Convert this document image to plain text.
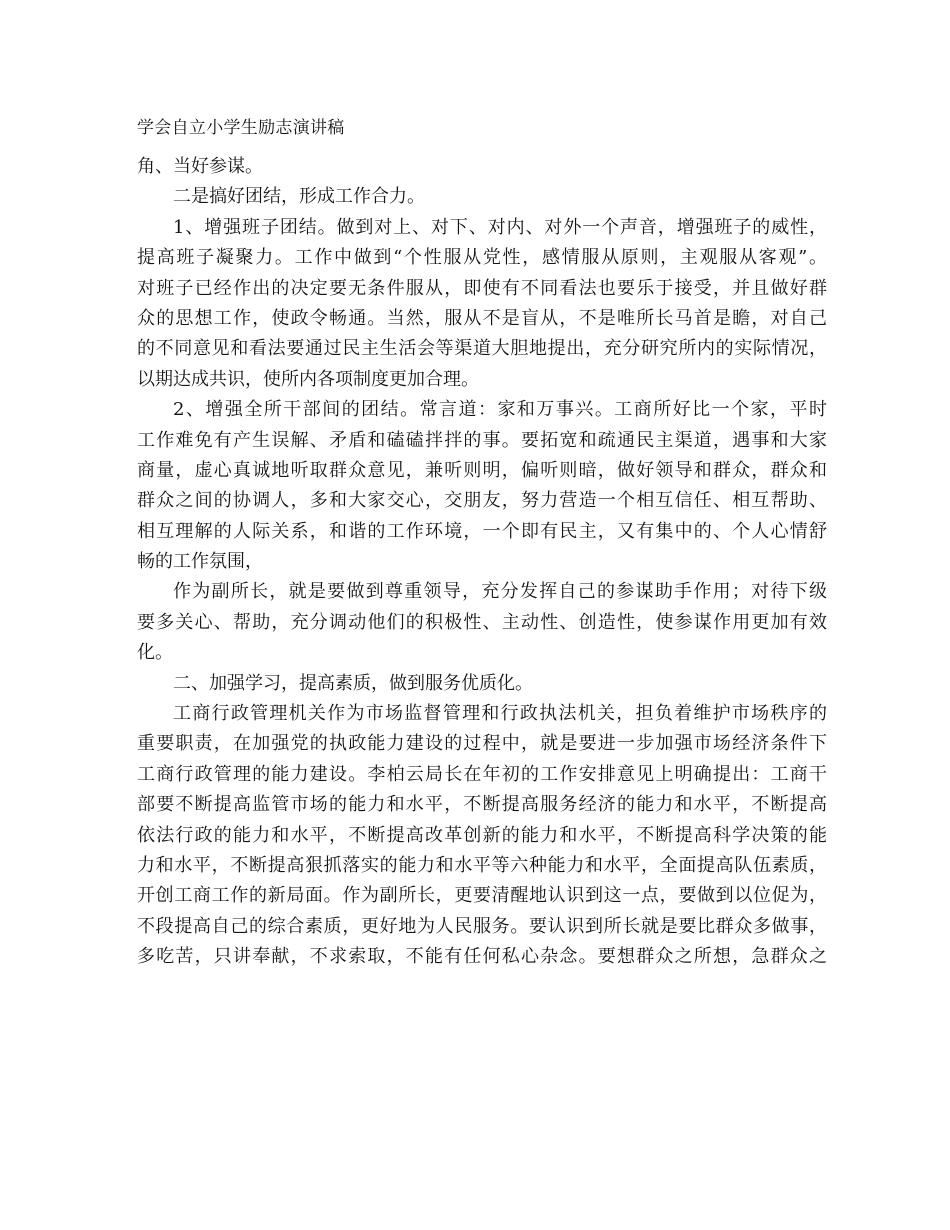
学会自立小学生励志演讲稿
角、当好参谋。
二是搞好团结，形成工作合力。
1、增强班子团结。做到对上、对下、对内、对外一个声音，增强班子的威性，
提高班子凝聚力。工作中做到“个性服从党性，感情服从原则，主观服从客观”。
对班子已经作出的决定要无条件服从，即使有不同看法也要乐于接受，并且做好群
众的思想工作，使政令畅通。当然，服从不是盲从，不是唯所长马首是瞻，对自己
的不同意见和看法要通过民主生活会等渠道大胆地提出，充分研究所内的实际情况，
以期达成共识，使所内各项制度更加合理。
2、增强全所干部间的团结。常言道：家和万事兴。工商所好比一个家，平时
工作难免有产生误解、矛盾和磕磕拌拌的事。要拓宽和疏通民主渠道，遇事和大家
商量，虚心真诚地听取群众意见，兼听则明，偏听则暗，做好领导和群众，群众和
群众之间的协调人，多和大家交心，交朋友，努力营造一个相互信任、相互帮助、
相互理解的人际关系，和谐的工作环境，一个即有民主，又有集中的、个人心情舒
畅的工作氛围，
作为副所长，就是要做到尊重领导，充分发挥自己的参谋助手作用；对待下级
要多关心、帮助，充分调动他们的积极性、主动性、创造性，使参谋作用更加有效
化。
二、加强学习，提高素质，做到服务优质化。
工商行政管理机关作为市场监督管理和行政执法机关，担负着维护市场秩序的
重要职责，在加强党的执政能力建设的过程中，就是要进一步加强市场经济条件下
工商行政管理的能力建设。李柏云局长在年初的工作安排意见上明确提出：工商干
部要不断提高监管市场的能力和水平，不断提高服务经济的能力和水平，不断提高
依法行政的能力和水平，不断提高改革创新的能力和水平，不断提高科学决策的能
力和水平，不断提高狠抓落实的能力和水平等六种能力和水平，全面提高队伍素质，
开创工商工作的新局面。作为副所长，更要清醒地认识到这一点，要做到以位促为，
不段提高自己的综合素质，更好地为人民服务。要认识到所长就是要比群众多做事，
多吃苦，只讲奉献，不求索取，不能有任何私心杂念。要想群众之所想，急群众之
